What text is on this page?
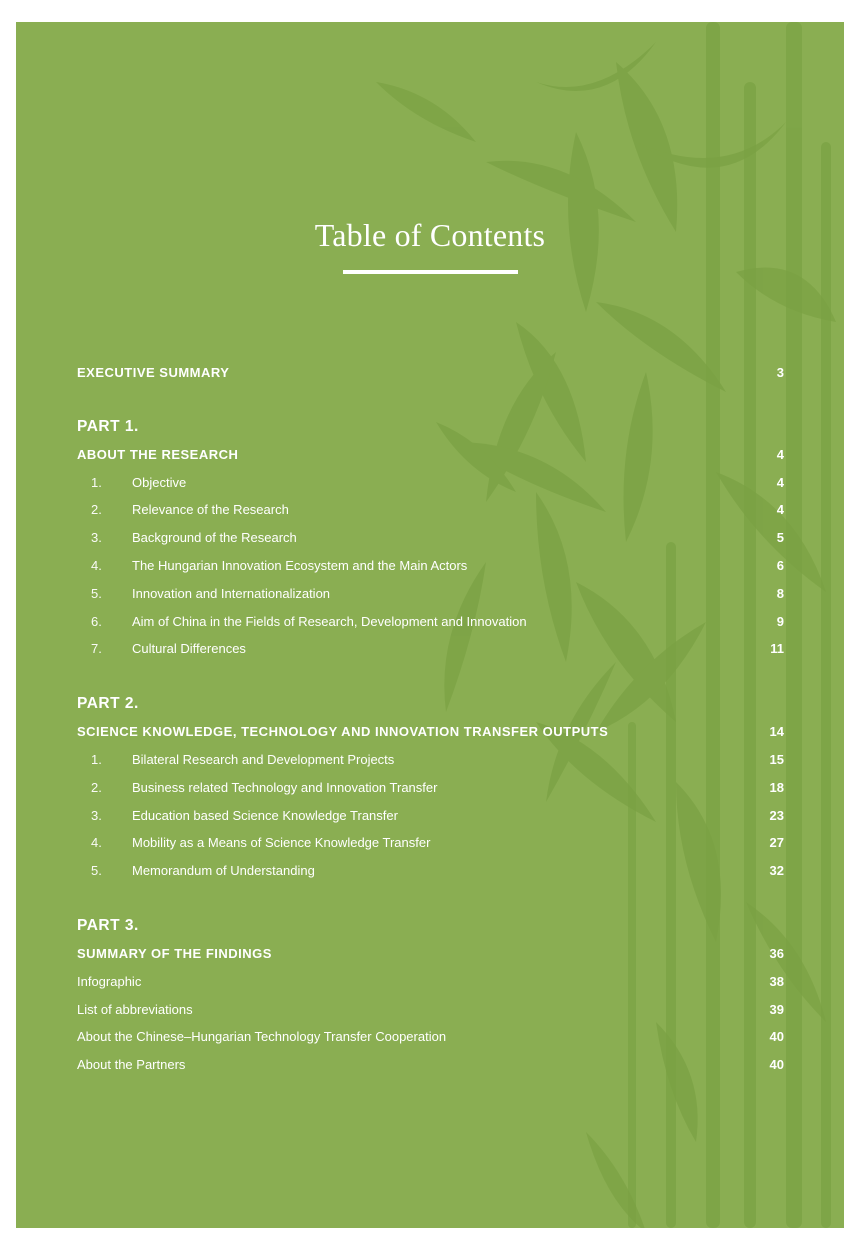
Table of Contents
EXECUTIVE SUMMARY	3
PART 1.
ABOUT THE RESEARCH	4
1. Objective	4
2. Relevance of the Research	4
3. Background of the Research	5
4. The Hungarian Innovation Ecosystem and the Main Actors	6
5. Innovation and Internationalization	8
6. Aim of China in the Fields of Research, Development and Innovation	9
7. Cultural Differences	11
PART 2.
SCIENCE KNOWLEDGE, TECHNOLOGY AND INNOVATION TRANSFER OUTPUTS	14
1. Bilateral Research and Development Projects	15
2. Business related Technology and Innovation Transfer	18
3. Education based Science Knowledge Transfer	23
4. Mobility as a Means of Science Knowledge Transfer	27
5. Memorandum of Understanding	32
PART 3.
SUMMARY OF THE FINDINGS	36
Infographic	38
List of abbreviations	39
About the Chinese–Hungarian Technology Transfer Cooperation	40
About the Partners	40
